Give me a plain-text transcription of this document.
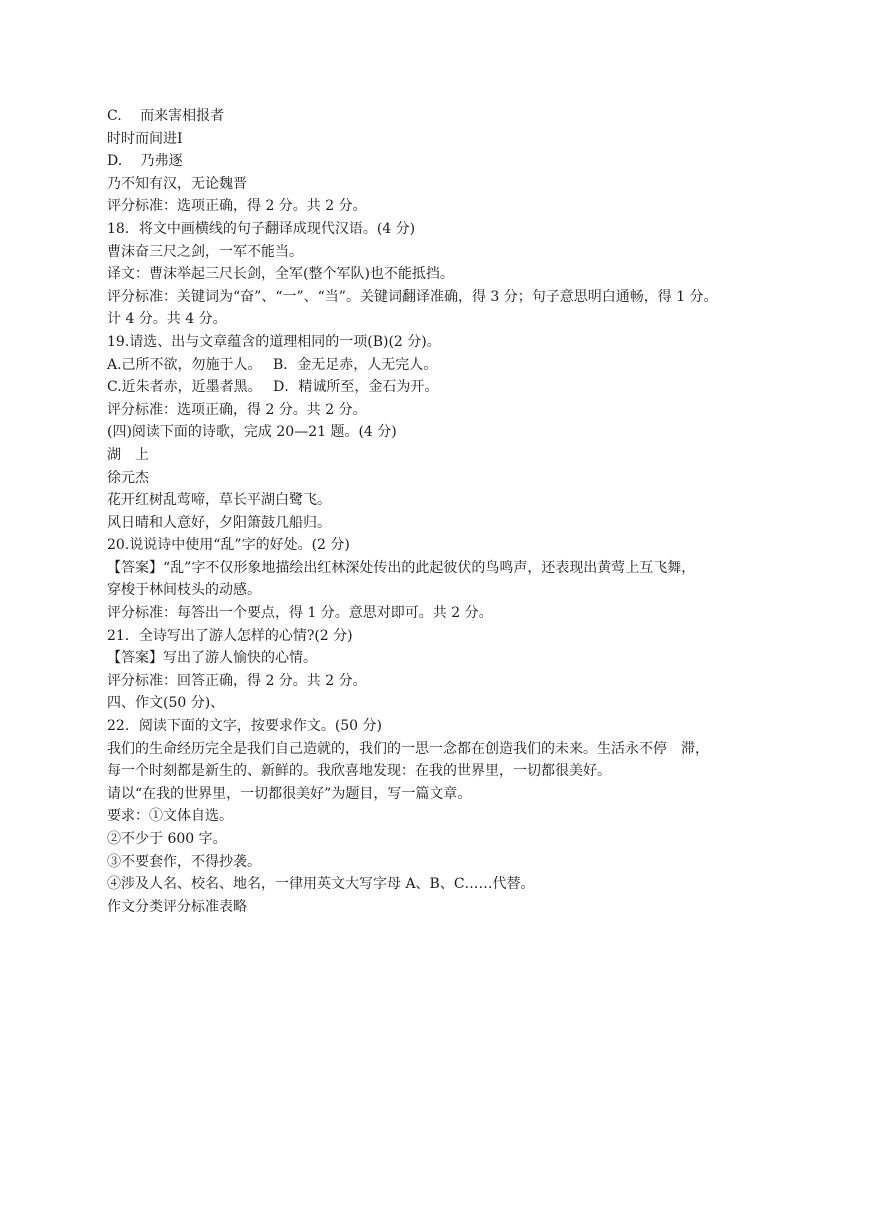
C.　 而来害相报者
时时而间进Ⅰ
D.　 乃弗逐
乃不知有汉，无论魏晋
评分标准：选项正确，得 2 分。共 2 分。
18．将文中画横线的句子翻译成现代汉语。(4 分)
曹沫奋三尺之剑，一军不能当。
译文：曹沫举起三尺长剑，全军(整个军队)也不能抵挡。
评分标准：关键词为“奋”、“一”、“当”。关键词翻译准确，得 3 分；句子意思明白通畅，得 1 分。
计 4 分。共 4 分。
19.请选、出与文章蕴含的道理相同的一项(B)(2 分)。
A.己所不欲，勿施于人。　 B．金无足赤，人无完人。
C.近朱者赤，近墨者黑。　 D．精诚所至，金石为开。
评分标准：选项正确，得 2 分。共 2 分。
(四)阅读下面的诗歌，完成 20—21 题。(4 分)
湖　上
徐元杰
花开红树乱莺啼，草长平湖白鹭飞。
风日晴和人意好，夕阳箫鼓几船归。
20.说说诗中使用“乱”字的好处。(2 分)
【答案】“乱”字不仅形象地描绘出红林深处传出的此起彼伏的鸟鸣声，还表现出黄莺上互飞舞，
穿梭于林间枝头的动感。
评分标准：每答出一个要点，得 1 分。意思对即可。共 2 分。
21．全诗写出了游人怎样的心情?(2 分)
【答案】写出了游人愉快的心情。
评分标准：回答正确，得 2 分。共 2 分。
四、作文(50 分)、
22．阅读下面的文字，按要求作文。(50 分)
我们的生命经历完全是我们自己造就的，我们的一思一念都在创造我们的未来。生活永不停　滞，
每一个时刻都是新生的、新鲜的。我欣喜地发现：在我的世界里，一切都很美好。
请以“在我的世界里，一切都很美好”为题目，写一篇文章。
要求：①文体自选。
②不少于 600 字。
③不要套作，不得抄袭。
④涉及人名、校名、地名，一律用英文大写字母 A、B、C……代替。
作文分类评分标准表略
